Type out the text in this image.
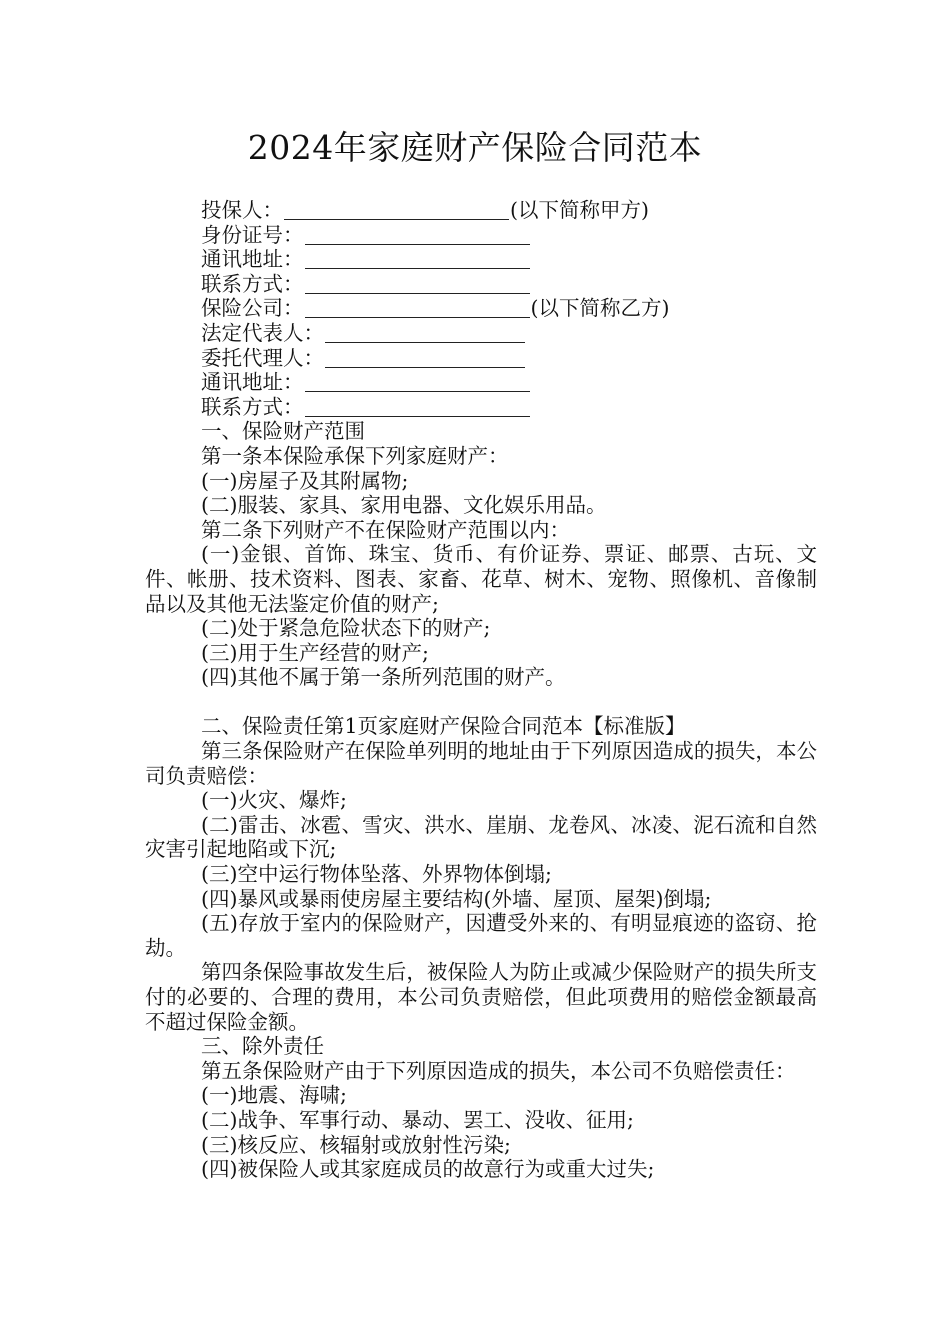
2024年家庭财产保险合同范本
投保人：	(以下简称甲方)
身份证号：
通讯地址：
联系方式：
保险公司：	(以下简称乙方)
法定代表人：
委托代理人：
通讯地址：
联系方式：
一、保险财产范围
第一条本保险承保下列家庭财产：
(一)房屋子及其附属物;
(二)服装、家具、家用电器、文化娱乐用品。
第二条下列财产不在保险财产范围以内：

(一)金银、首饰、珠宝、货币、有价证券、票证、邮票、古玩、文件、帐册、技术资料、图表、家畜、花草、树木、宠物、照像机、音像制品以及其他无法鉴定价值的财产;

(二)处于紧急危险状态下的财产;
(三)用于生产经营的财产;
(四)其他不属于第一条所列范围的财产。
二、保险责任第1页家庭财产保险合同范本【标准版】

第三条保险财产在保险单列明的地址由于下列原因造成的损失，本公司负责赔偿：

(一)火灾、爆炸;

(二)雷击、冰雹、雪灾、洪水、崖崩、龙卷风、冰凌、泥石流和自然灾害引起地陷或下沉;

(三)空中运行物体坠落、外界物体倒塌;
(四)暴风或暴雨使房屋主要结构(外墙、屋顶、屋架)倒塌;

(五)存放于室内的保险财产，因遭受外来的、有明显痕迹的盗窃、抢劫。

第四条保险事故发生后，被保险人为防止或减少保险财产的损失所支付的必要的、合理的费用，本公司负责赔偿，但此项费用的赔偿金额最高不超过保险金额。

三、除外责任

第五条保险财产由于下列原因造成的损失，本公司不负赔偿责任：

(一)地震、海啸;
(二)战争、军事行动、暴动、罢工、没收、征用;
(三)核反应、核辐射或放射性污染;
(四)被保险人或其家庭成员的故意行为或重大过失;
